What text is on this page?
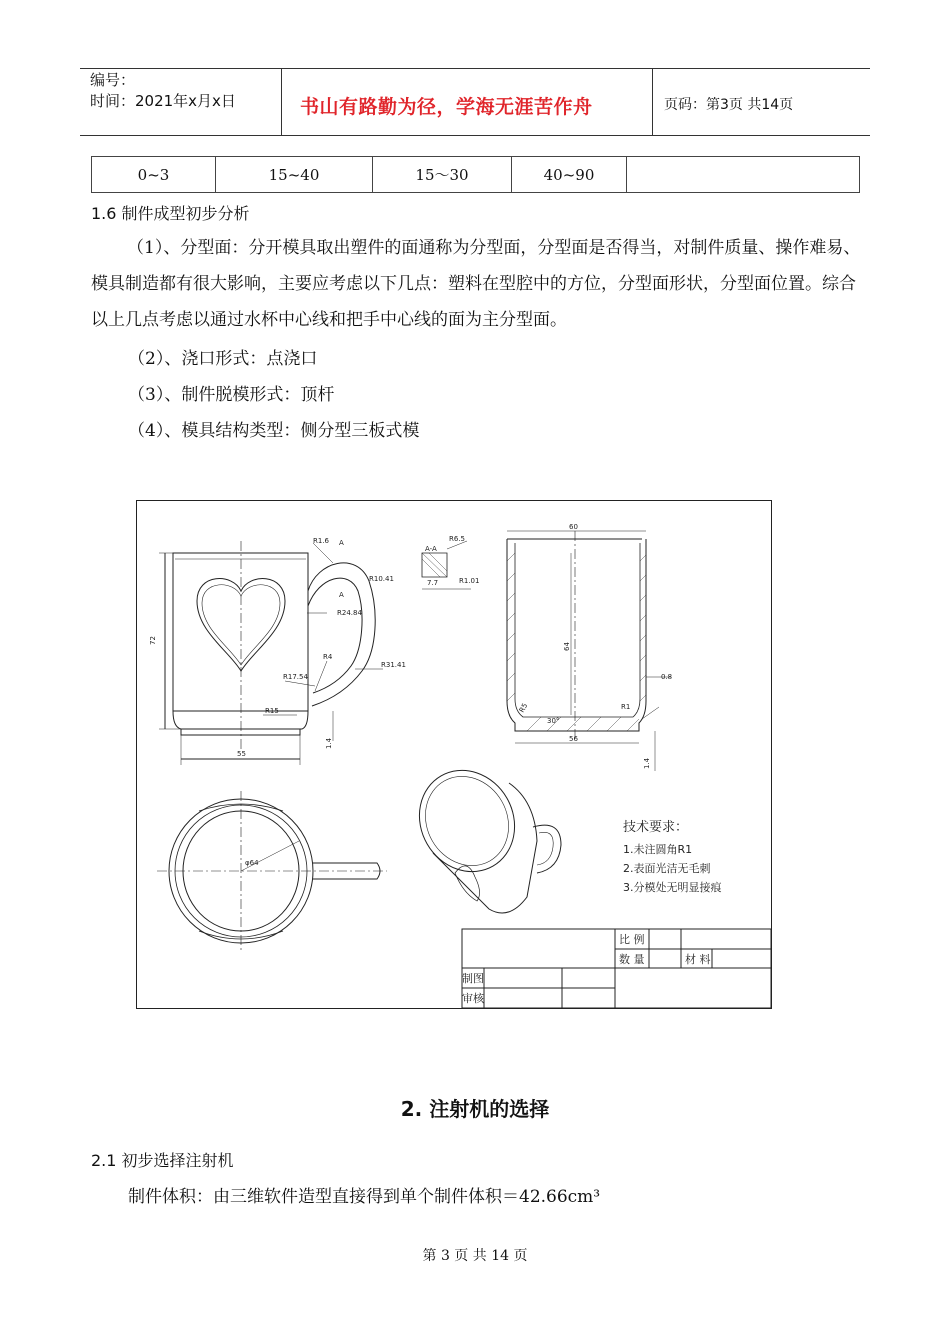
编号：
时间：2021年x月x日	书山有路勤为径，学海无涯苦作舟	页码：第3页 共14页
0~3	15~40	15～30	40~90	
1.6 制件成型初步分析

（1）、分型面：分开模具取出塑件的面通称为分型面，分型面是否得当，对制件质量、操作难易、模具制造都有很大影响，主要应考虑以下几点：塑料在型腔中的方位，分型面形状，分型面位置。综合以上几点考虑以通过水杯中心线和把手中心线的面为主分型面。

（2）、浇口形式：点浇口
（3）、制件脱模形式：顶杆
（4）、模具结构类型：侧分型三板式模
R1.6 A
A
R10.41
R24.84
R4
R17.54
R31.41
R15
55
72
1.4
A-A
R6.5
R1.01
7.7
60
64
R5
30°
R1
56
0.8
1.4
φ64
技术要求：
1.未注圆角R1
2.表面光洁无毛刺
3.分模处无明显接痕
比 例
数 量	材 料
制图
审核
2. 注射机的选择
2.1 初步选择注射机
制件体积：由三维软件造型直接得到单个制件体积＝42.66cm³
第 3 页 共 14 页
